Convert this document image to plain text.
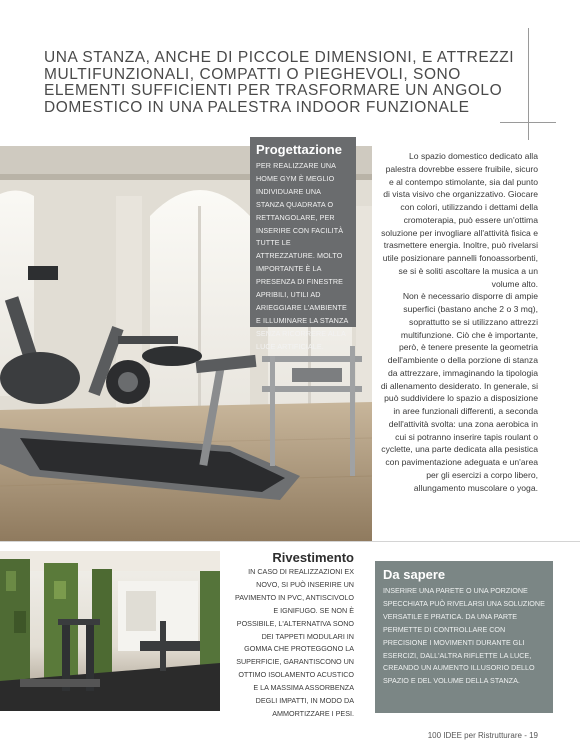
UNA STANZA, ANCHE DI PICCOLE DIMENSIONI, E ATTREZZI MULTIFUNZIONALI, COMPATTI O PIEGHEVOLI, SONO ELEMENTI SUFFICIENTI PER TRASFORMARE UN ANGOLO DOMESTICO IN UNA PALESTRA INDOOR FUNZIONALE
Progettazione
PER REALIZZARE UNA HOME GYM È MEGLIO INDIVIDUARE UNA STANZA QUADRATA O RETTANGOLARE, PER INSERIRE CON FACILITÀ TUTTE LE ATTREZZATURE. MOLTO IMPORTANTE È LA PRESENZA DI FINESTRE APRIBILI, UTILI AD ARIEGGIARE L'AMBIENTE E ILLUMINARE LA STANZA SENZA RICORRERE ALLA LUCE ARTIFICIALE.

Lo spazio domestico dedicato alla palestra dovrebbe essere fruibile, sicuro e al contempo stimolante, sia dal punto di vista visivo che organizzativo. Giocare con colori, utilizzando i dettami della cromoterapia, può essere un'ottima soluzione per invogliare all'attività fisica e trasmettere energia. Inoltre, può rivelarsi utile posizionare pannelli fonoassorbenti, se si è soliti ascoltare la musica a un volume alto.

Non è necessario disporre di ampie superfici (bastano anche 2 o 3 mq), soprattutto se si utilizzano attrezzi multifunzione. Ciò che è importante, però, è tenere presente la geometria dell'ambiente o della porzione di stanza da attrezzare, immaginando la tipologia di allenamento desiderato. In generale, si può suddividere lo spazio a disposizione in aree funzionali differenti, a seconda dell'attività svolta: una zona aerobica in cui si potranno inserire tapis roulant o cyclette, una parte dedicata alla pesistica con pavimentazione adeguata e un'area per gli esercizi a corpo libero, allungamento muscolare o yoga.

Rivestimento
IN CASO DI REALIZZAZIONI EX NOVO, SI PUÒ INSERIRE UN PAVIMENTO IN PVC, ANTISCIVOLO E IGNIFUGO. SE NON È POSSIBILE, L'ALTERNATIVA SONO DEI TAPPETI MODULARI IN GOMMA CHE PROTEGGONO LA SUPERFICIE, GARANTISCONO UN OTTIMO ISOLAMENTO ACUSTICO E LA MASSIMA ASSORBENZA DEGLI IMPATTI, IN MODO DA AMMORTIZZARE I PESI.
Da sapere
INSERIRE UNA PARETE O UNA PORZIONE SPECCHIATA PUÒ RIVELARSI UNA SOLUZIONE VERSATILE E PRATICA. DA UNA PARTE PERMETTE DI CONTROLLARE CON PRECISIONE I MOVIMENTI DURANTE GLI ESERCIZI, DALL'ALTRA RIFLETTE LA LUCE, CREANDO UN AUMENTO ILLUSORIO DELLO SPAZIO E DEL VOLUME DELLA STANZA.
100 IDEE per Ristrutturare - 19
